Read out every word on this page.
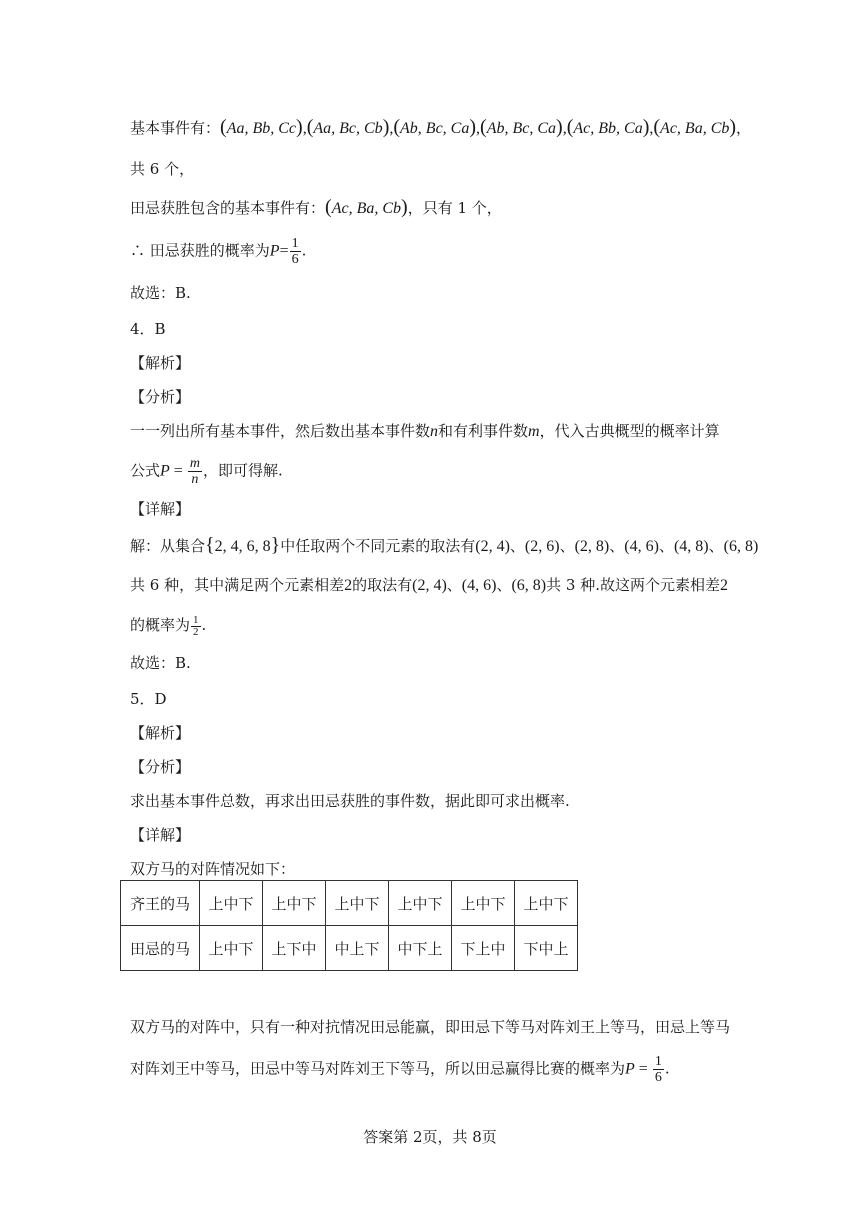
基本事件有：(Aa, Bb, Cc),(Aa, Bc, Cb),(Ab, Bc, Ca),(Ab, Bc, Ca),(Ac, Bb, Ca),(Ac, Ba, Cb)，
共 6 个，
田忌获胜包含的基本事件有：(Ac, Ba, Cb)，只有 1 个，
∴ 田忌获胜的概率为$P= \frac{1}{6}$ .
故选：B.
4．B
【解析】
【分析】
一一列出所有基本事件，然后数出基本事件数n和有利事件数m，代入古典概型的概率计算
公式$P = \frac{m}{n}$ ，即可得解.
【详解】
解：从集合{2, 4, 6, 8}中任取两个不同元素的取法有(2, 4)、(2, 6)、(2, 8)、(4, 6)、(4, 8)、(6, 8)
共 6 种，其中满足两个元素相差2的取法有(2, 4)、(4, 6)、(6, 8)共 3 种.故这两个元素相差2
的概率为 $\frac{1}{2}$ .
故选：B.
5．D
【解析】
【分析】
求出基本事件总数，再求出田忌获胜的事件数，据此即可求出概率.
【详解】
双方马的对阵情况如下：
齐王的马	上中下	上中下	上中下	上中下	上中下	上中下
田忌的马	上中下	上下中	中上下	中下上	下上中	下中上
双方马的对阵中，只有一种对抗情况田忌能赢，即田忌下等马对阵刘王上等马，田忌上等马
对阵刘王中等马，田忌中等马对阵刘王下等马，所以田忌赢得比赛的概率为$P = \frac{1}{6}$ .
答案第 2页，共 8页
